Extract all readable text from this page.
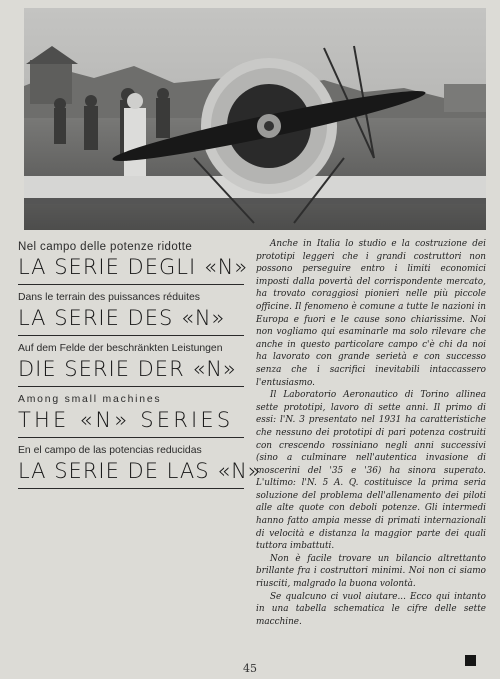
Nel campo delle potenze ridotte
LA SERIE DEGLI «N»
Dans le terrain des puissances réduites
LA SERIE DES «N»
Auf dem Felde der beschränkten Leistungen
DIE SERIE DER «N»
Among small machines
THE «N» SERIES
En el campo de las potencias reducidas
LA SERIE DE LAS «N»

Anche in Italia lo studio e la costruzione dei prototipi leggeri che i grandi costruttori non possono perseguire entro i limiti economici imposti dalla povertà del corrispondente mercato, ha trovato coraggiosi pionieri nelle più piccole officine. Il fenomeno è comune a tutte le nazioni in Europa e fuori e le cause sono chiarissime. Noi non vogliamo qui esaminarle ma solo rilevare che anche in questo particolare campo c'è chi da noi ha lavorato con grande serietà e con successo senza che i sacrifici inevitabili intaccassero l'entusiasmo.

Il Laboratorio Aeronautico di Torino allinea sette prototipi, lavoro di sette anni. Il primo di essi: l'N. 3 presentato nel 1931 ha caratteristiche che nessuno dei prototipi di pari potenza costruiti con crescendo rossiniano negli anni successivi (sino a culminare nell'autentica invasione di moscerini del '35 e '36) ha sinora superato. L'ultimo: l'N. 5 A. Q. costituisce la prima seria soluzione del problema dell'allenamento dei piloti alle alte quote con deboli potenze. Gli intermedi hanno fatto ampia messe di primati internazionali di velocità e distanza la maggior parte dei quali tuttora imbattuti.

Non è facile trovare un bilancio altrettanto brillante fra i costruttori minimi. Noi non ci siamo riusciti, malgrado la buona volontà.

Se qualcuno ci vuol aiutare... Ecco qui intanto in una tabella schematica le cifre delle sette macchine.

45
